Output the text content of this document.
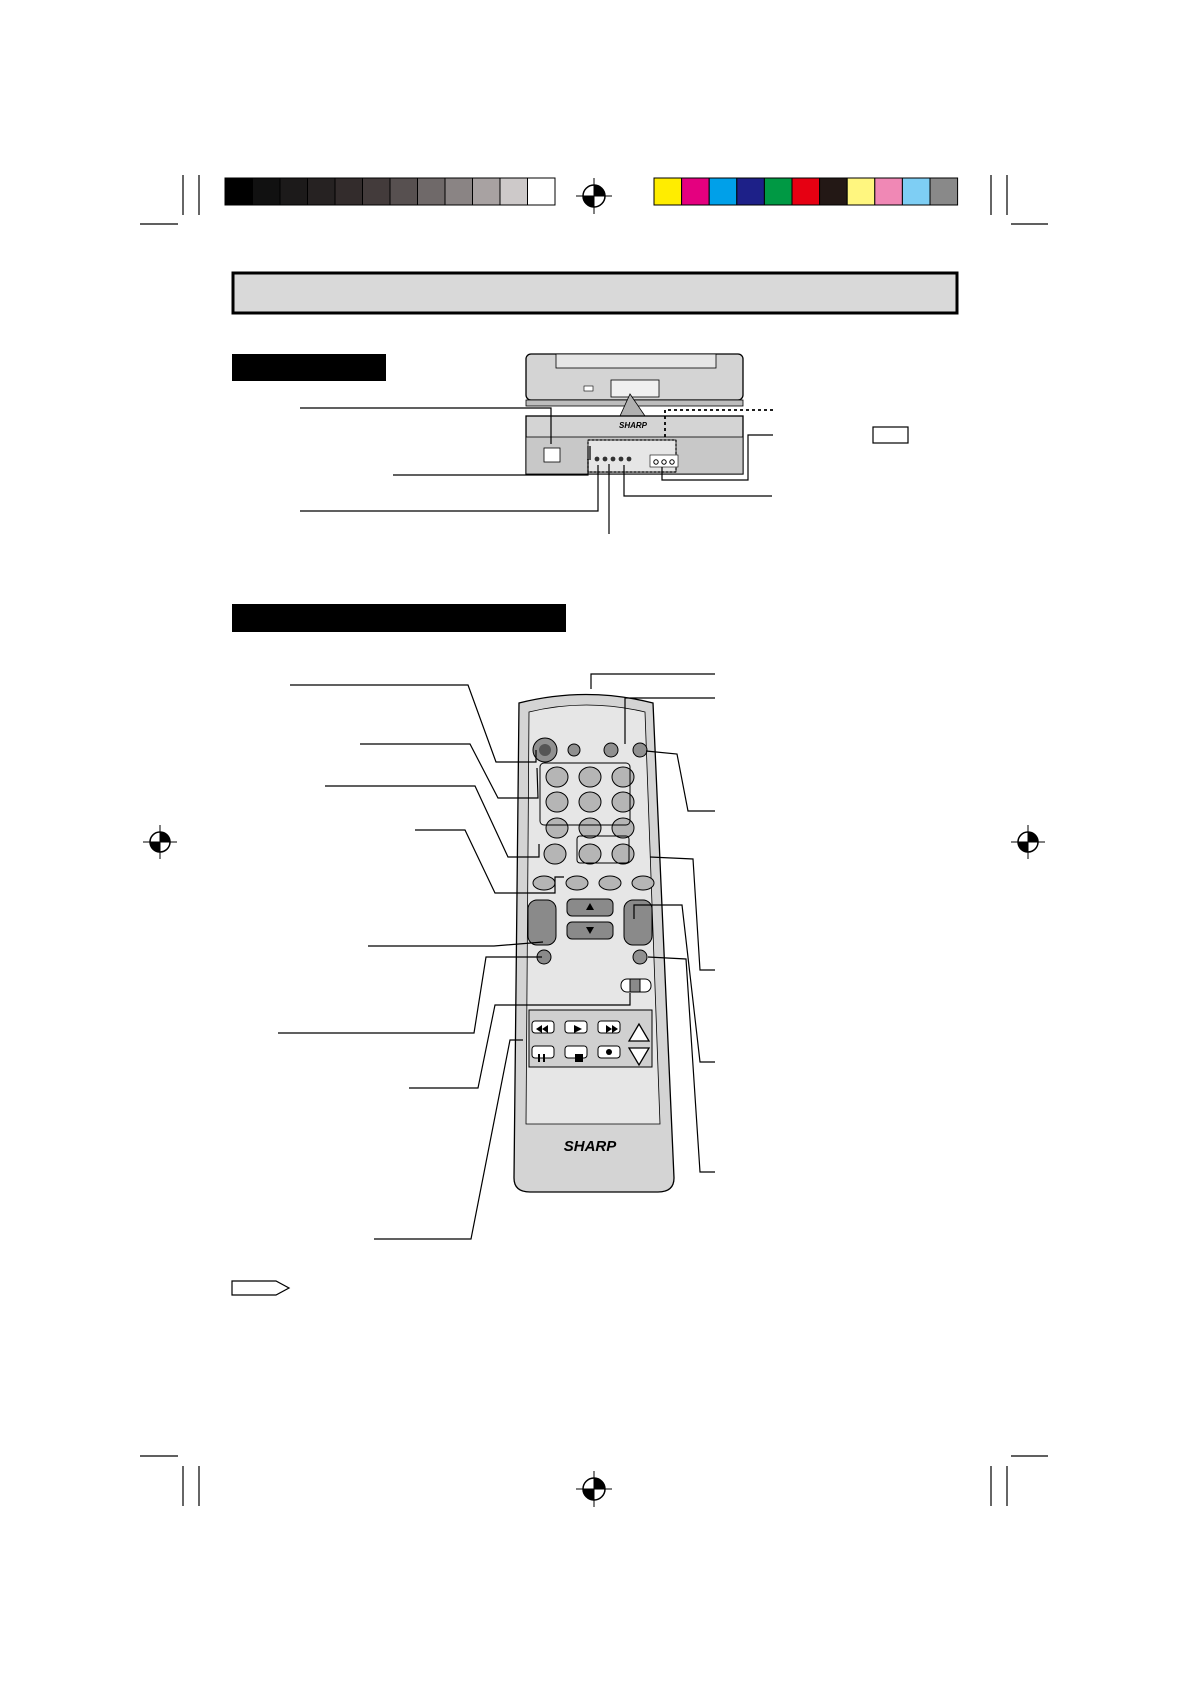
SHARP
SHARP
